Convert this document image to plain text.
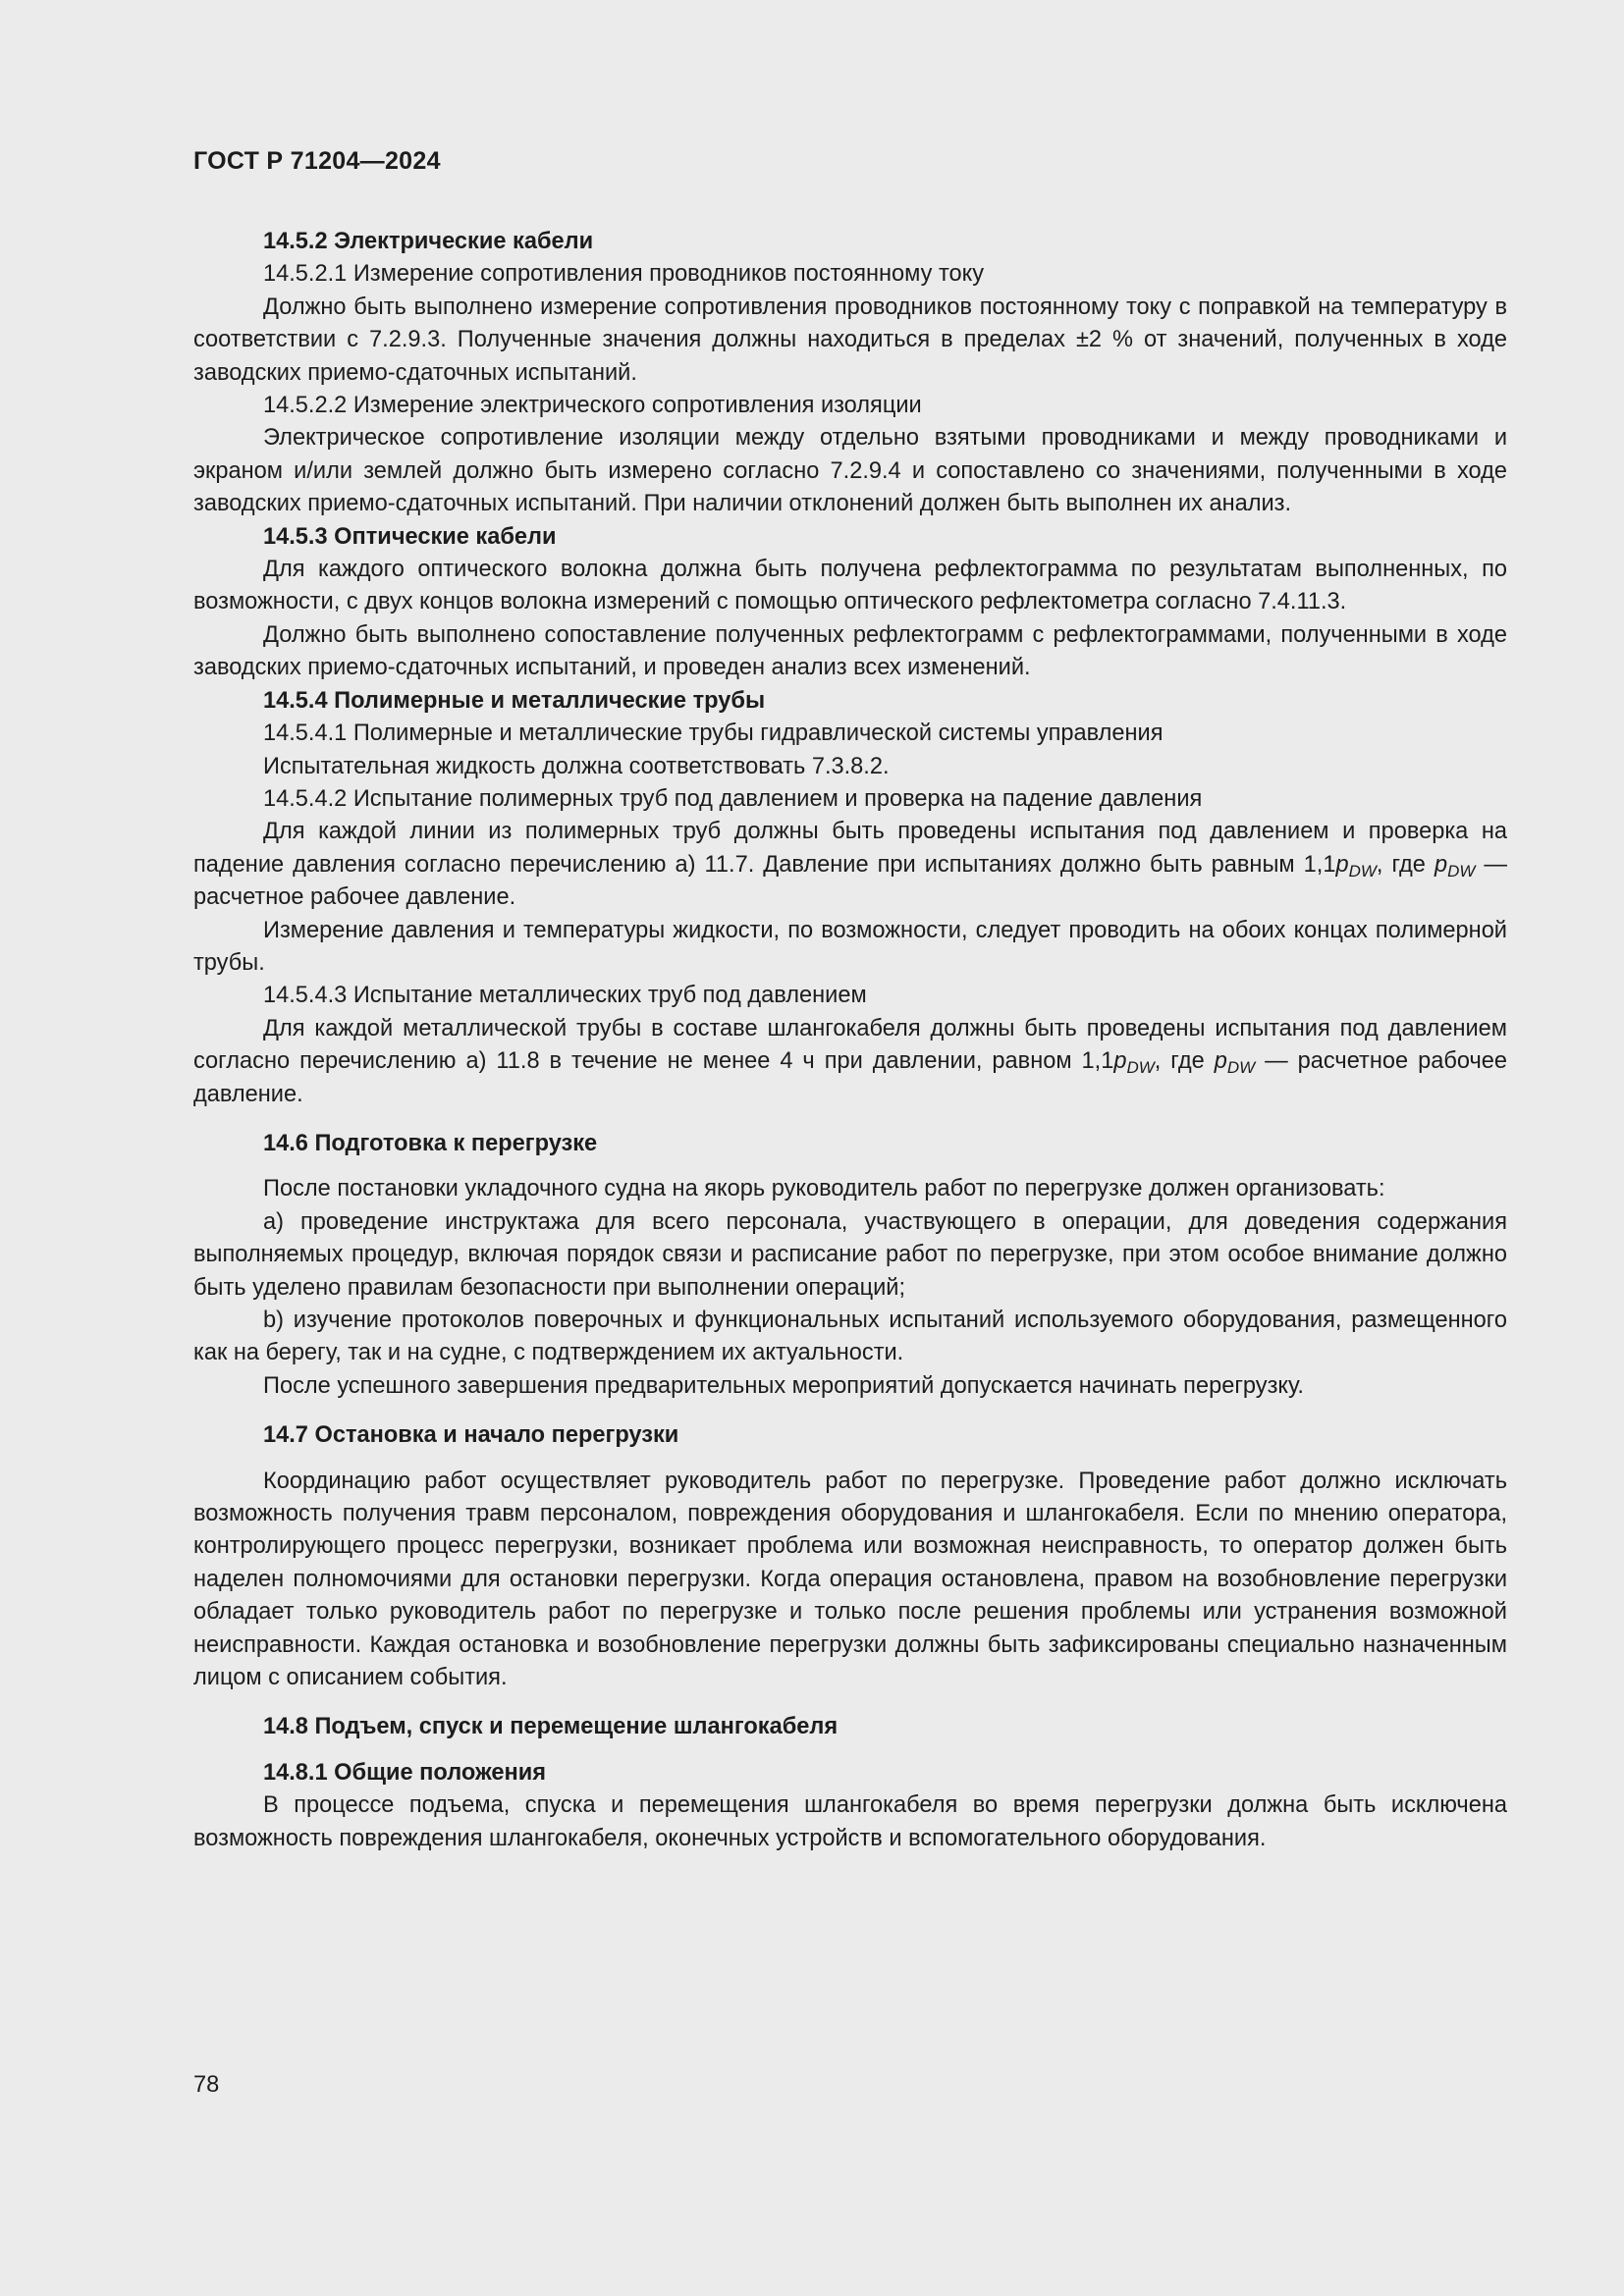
ГОСТ Р 71204—2024

14.5.2 Электрические кабели

14.5.2.1 Измерение сопротивления проводников постоянному току

Должно быть выполнено измерение сопротивления проводников постоянному току с поправкой на температуру в соответствии с 7.2.9.3. Полученные значения должны находиться в пределах ±2 % от значений, полученных в ходе заводских приемо-сдаточных испытаний.

14.5.2.2 Измерение электрического сопротивления изоляции

Электрическое сопротивление изоляции между отдельно взятыми проводниками и между проводниками и экраном и/или землей должно быть измерено согласно 7.2.9.4 и сопоставлено со значениями, полученными в ходе заводских приемо-сдаточных испытаний. При наличии отклонений должен быть выполнен их анализ.

14.5.3 Оптические кабели

Для каждого оптического волокна должна быть получена рефлектограмма по результатам выполненных, по возможности, с двух концов волокна измерений с помощью оптического рефлектометра согласно 7.4.11.3.

Должно быть выполнено сопоставление полученных рефлектограмм с рефлектограммами, полученными в ходе заводских приемо-сдаточных испытаний, и проведен анализ всех изменений.

14.5.4 Полимерные и металлические трубы

14.5.4.1 Полимерные и металлические трубы гидравлической системы управления

Испытательная жидкость должна соответствовать 7.3.8.2.

14.5.4.2 Испытание полимерных труб под давлением и проверка на падение давления

Для каждой линии из полимерных труб должны быть проведены испытания под давлением и проверка на падение давления согласно перечислению а) 11.7. Давление при испытаниях должно быть равным $1,1p_{DW}$, где $p_{DW}$ — расчетное рабочее давление.

Измерение давления и температуры жидкости, по возможности, следует проводить на обоих концах полимерной трубы.

14.5.4.3 Испытание металлических труб под давлением

Для каждой металлической трубы в составе шлангокабеля должны быть проведены испытания под давлением согласно перечислению а) 11.8 в течение не менее 4 ч при давлении, равном $1,1p_{DW}$, где $p_{DW}$ — расчетное рабочее давление.

14.6 Подготовка к перегрузке

После постановки укладочного судна на якорь руководитель работ по перегрузке должен организовать:

а) проведение инструктажа для всего персонала, участвующего в операции, для доведения содержания выполняемых процедур, включая порядок связи и расписание работ по перегрузке, при этом особое внимание должно быть уделено правилам безопасности при выполнении операций;

b) изучение протоколов поверочных и функциональных испытаний используемого оборудования, размещенного как на берегу, так и на судне, с подтверждением их актуальности.

После успешного завершения предварительных мероприятий допускается начинать перегрузку.

14.7 Остановка и начало перегрузки

Координацию работ осуществляет руководитель работ по перегрузке. Проведение работ должно исключать возможность получения травм персоналом, повреждения оборудования и шлангокабеля. Если по мнению оператора, контролирующего процесс перегрузки, возникает проблема или возможная неисправность, то оператор должен быть наделен полномочиями для остановки перегрузки. Когда операция остановлена, правом на возобновление перегрузки обладает только руководитель работ по перегрузке и только после решения проблемы или устранения возможной неисправности. Каждая остановка и возобновление перегрузки должны быть зафиксированы специально назначенным лицом с описанием события.

14.8 Подъем, спуск и перемещение шлангокабеля

14.8.1 Общие положения

В процессе подъема, спуска и перемещения шлангокабеля во время перегрузки должна быть исключена возможность повреждения шлангокабеля, оконечных устройств и вспомогательного оборудования.

78
